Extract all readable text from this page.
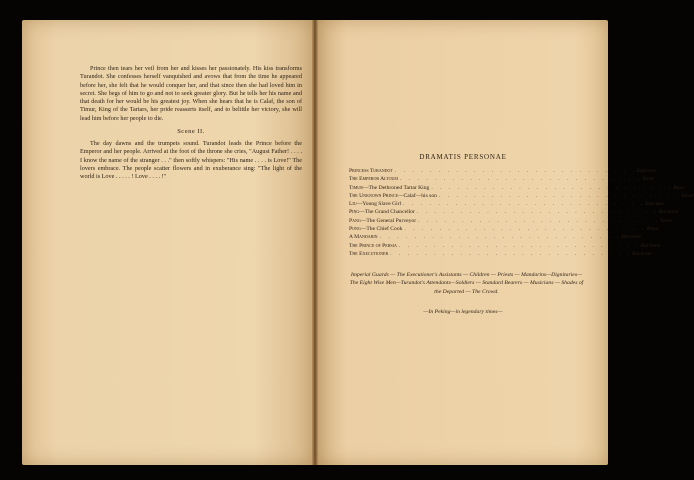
Prince then tears her veil from her and kisses her passionately. His kiss transforms Turandot. She confesses herself vanquished and avows that from the time he appeared before her, she felt that he would conquer her, and that since then she had loved him in secret. She begs of him to go and not to seek greater glory. But he tells her his name and that death for her would be his greatest joy. When she hears that he is Calaf, the son of Timur, King of the Tartars, her pride reasserts itself, and to belittle her victory, she will lead him before her people to die.

Scene II.

The day dawns and the trumpets sound. Turandot leads the Prince before the Emperor and her people. Arrived at the foot of the throne she cries, "August Father! . . . . I know the name of the stranger . . ." then softly whispers: "His name . . . . is Love!" The lovers embrace. The people scatter flowers and in exuberance sing: "The light of the world is Love . . . . . ! Love . . . . !"

DRAMATIS PERSONAE
Princess Turandot . . . . . . . . . . . . . . . . . . . . . . . . . . . . Soprano
The Emperor Altoum . . . . . . . . . . . . . . . . . . . . . . . . . . . . Tenor
Timur —The Dethroned Tartar King . . . . . . . . . . . . . . . . . . . . . . . . . . . . Bass
The Unknown Prince —Calaf—his son . . . . . . . . . . . . . . . . . . . . . . . . . . . . Tenor
Liu —Young Slave Girl . . . . . . . . . . . . . . . . . . . . . . . . . . . . Soprano
Ping —The Grand Chancellor . . . . . . . . . . . . . . . . . . . . . . . . . . . . Baritone
Pang —The General Purveyor . . . . . . . . . . . . . . . . . . . . . . . . . . . . Tenor
Pong —The Chief Cook . . . . . . . . . . . . . . . . . . . . . . . . . . . . Tenor
A Mandarin . . . . . . . . . . . . . . . . . . . . . . . . . . . . Baritone
The Prince of Persia . . . . . . . . . . . . . . . . . . . . . . . . . . . . Baritone
The Executioner . . . . . . . . . . . . . . . . . . . . . . . . . . . . Baritone
Imperial Guards — The Executioner's Assistants — Children — Priests — Mandarins—Dignitaries—The Eight Wise Men—Turandot's Attendants—Soldiers — Standard Bearers — Musicians — Shades of the Departed — The Crowd.
—In Peking—in legendary times—
